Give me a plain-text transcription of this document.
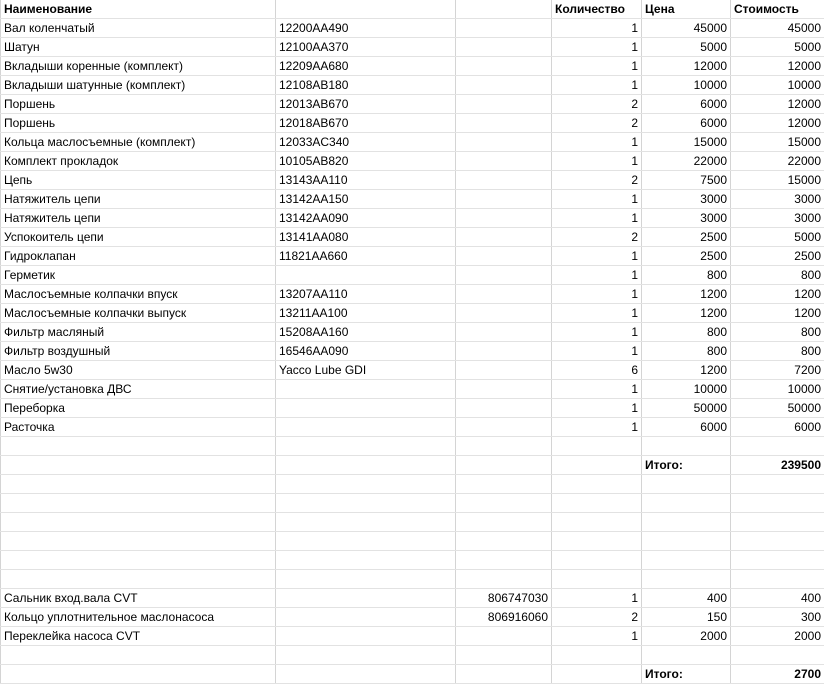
Наименование			Количество	Цена	Стоимость
Вал коленчатый	12200AA490		1	45000	45000
Шатун	12100AA370		1	5000	5000
Вкладыши коренные (комплект)	12209AA680		1	12000	12000
Вкладыши шатунные (комплект)	12108AB180		1	10000	10000
Поршень	12013AB670		2	6000	12000
Поршень	12018AB670		2	6000	12000
Кольца маслосъемные (комплект)	12033AC340		1	15000	15000
Комплект прокладок	10105AB820		1	22000	22000
Цепь	13143AA110		2	7500	15000
Натяжитель цепи	13142AA150		1	3000	3000
Натяжитель цепи	13142AA090		1	3000	3000
Успокоитель цепи	13141AA080		2	2500	5000
Гидроклапан	11821AA660		1	2500	2500
Герметик			1	800	800
Маслосъемные колпачки впуск	13207AA110		1	1200	1200
Маслосъемные колпачки выпуск	13211AA100		1	1200	1200
Фильтр масляный	15208AA160		1	800	800
Фильтр воздушный	16546AA090		1	800	800
Масло 5w30	Yacco Lube GDI		6	1200	7200
Снятие/установка ДВС			1	10000	10000
Переборка			1	50000	50000
Расточка			1	6000	6000

				Итого:	239500

Сальник вход.вала CVT		806747030	1	400	400
Кольцо уплотнительное маслонасоса		806916060	2	150	300
Переклейка насоса CVT			1	2000	2000

				Итого:	2700
